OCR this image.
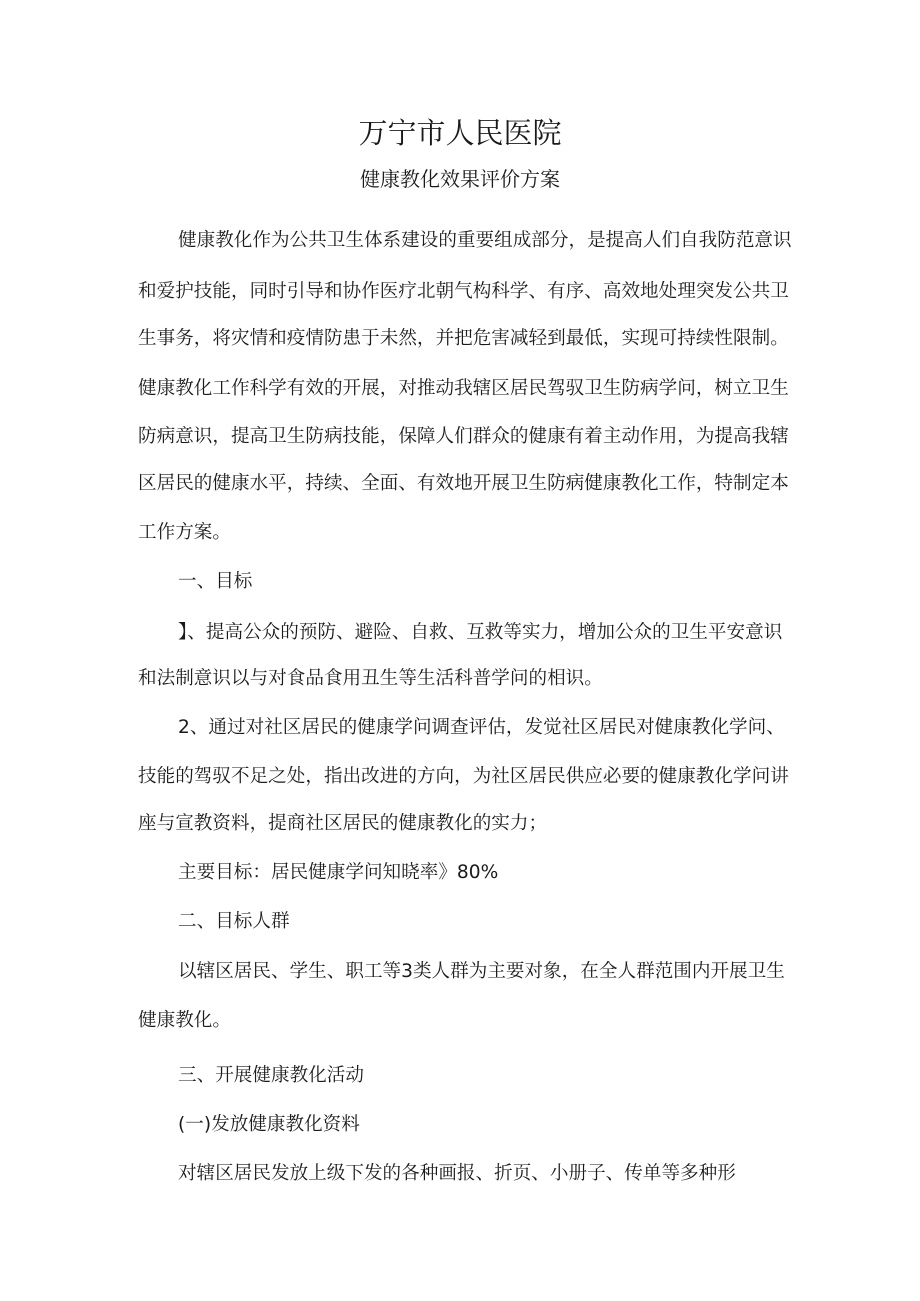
万宁市人民医院
健康教化效果评价方案
健康教化作为公共卫生体系建设的重要组成部分，是提高人们自我防范意识
和爱护技能，同时引导和协作医疗北朝气构科学、有序、高效地处理突发公共卫
生事务，将灾情和疫情防患于未然，并把危害减轻到最低，实现可持续性限制。
健康教化工作科学有效的开展，对推动我辖区居民驾驭卫生防病学问，树立卫生
防病意识，提高卫生防病技能，保障人们群众的健康有着主动作用，为提高我辖
区居民的健康水平，持续、全面、有效地开展卫生防病健康教化工作，特制定本
工作方案。
一、目标
】、提高公众的预防、避险、自救、互救等实力，增加公众的卫生平安意识
和法制意识以与对食品食用丑生等生活科普学问的相识。
2、通过对社区居民的健康学问调查评估，发觉社区居民对健康教化学问、
技能的驾驭不足之处，指出改进的方向，为社区居民供应必要的健康教化学问讲
座与宣教资料，提商社区居民的健康教化的实力；
主要目标：居民健康学问知晓率》80%
二、目标人群
以辖区居民、学生、职工等3类人群为主要对象，在全人群范围内开展卫生
健康教化。
三、开展健康教化活动
(一)发放健康教化资料
对辖区居民发放上级下发的各种画报、折页、小册子、传单等多种形
